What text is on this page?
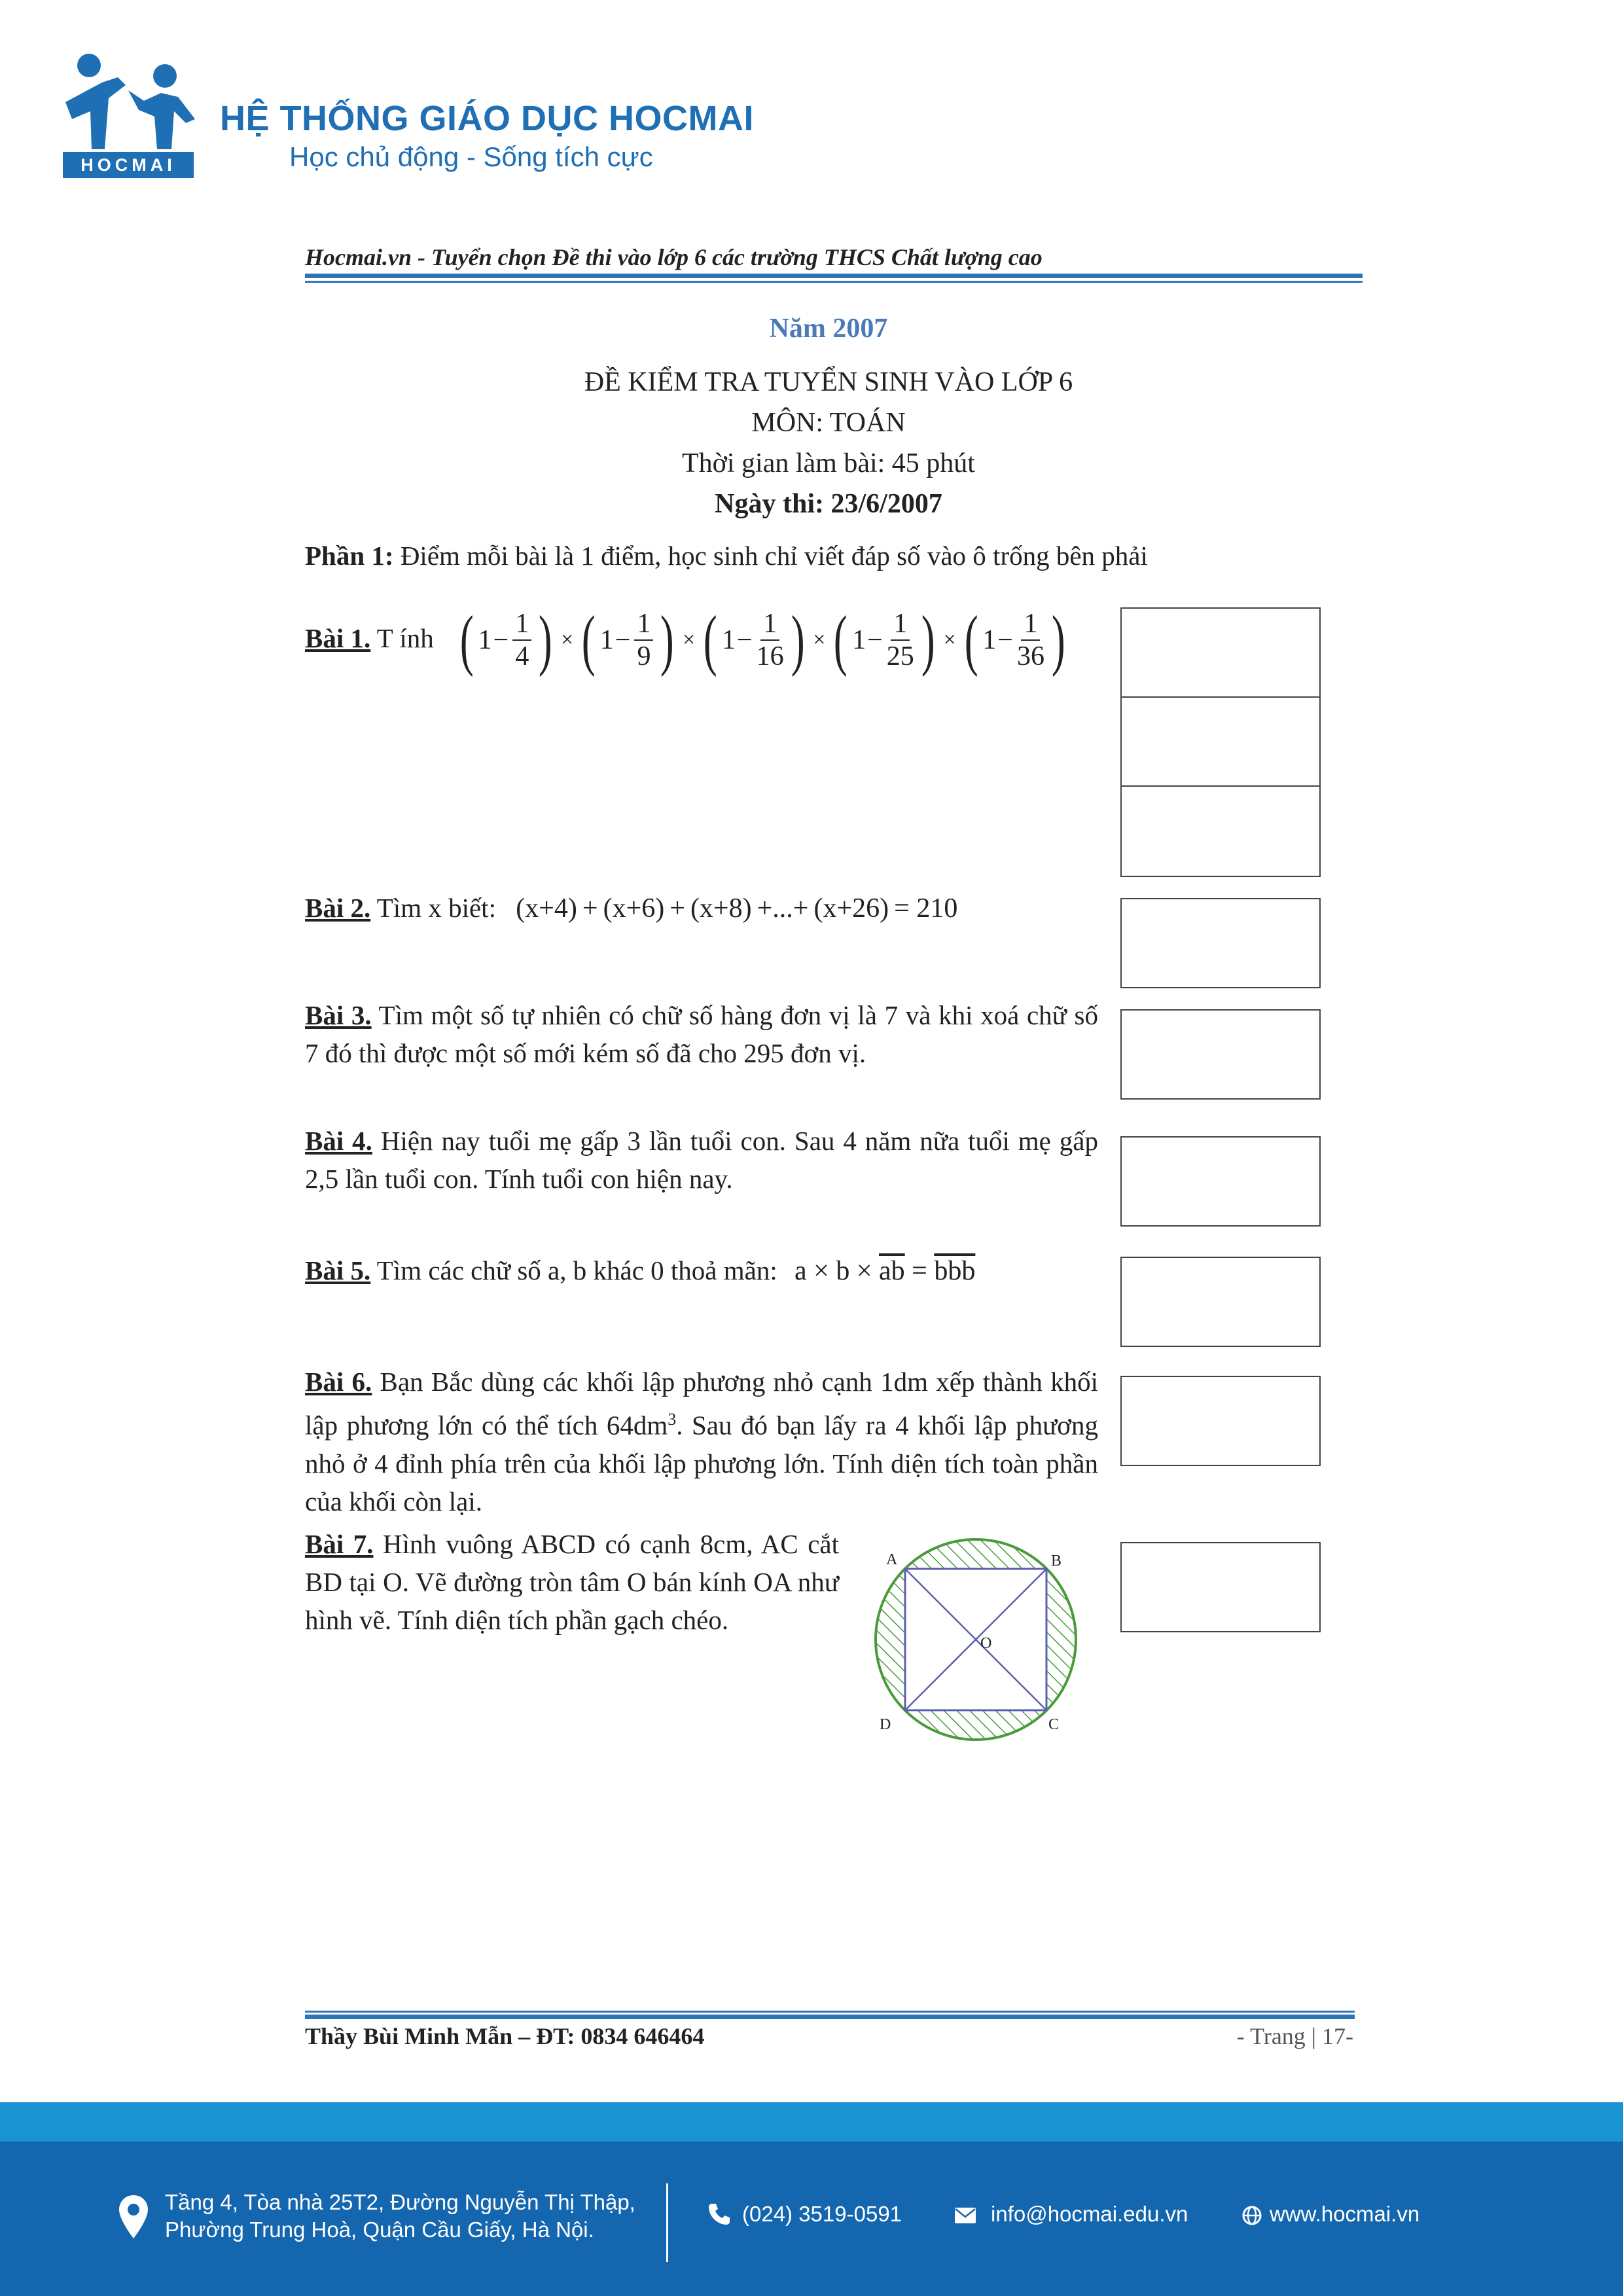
HOCMAI
HỆ THỐNG GIÁO DỤC HOCMAI
Học chủ động - Sống tích cực
Hocmai.vn - Tuyển chọn Đề thi vào lớp 6 các trường THCS Chất lượng cao
Năm 2007
ĐỀ KIỂM TRA TUYỂN SINH VÀO LỚP 6
MÔN: TOÁN
Thời gian làm bài: 45 phút
Ngày thi: 23/6/2007
Phần 1: Điểm mỗi bài là 1 điểm, học sinh chỉ viết đáp số vào ô trống bên phải
Bài 1. T ính ( $1 - \frac{1}{4}$ ) × ( $1 - \frac{1}{9}$ ) × ( $1 - \frac{1}{16}$ ) × ( $1 - \frac{1}{25}$ ) × ( $1 - \frac{1}{36}$ )
Bài 2. Tìm x biết: (x+4) + (x+6) + (x+8) +...+ (x+26) = 210
Bài 3. Tìm một số tự nhiên có chữ số hàng đơn vị là 7 và khi xoá chữ số 7 đó thì được một số mới kém số đã cho 295 đơn vị.
Bài 4. Hiện nay tuổi mẹ gấp 3 lần tuổi con. Sau 4 năm nữa tuổi mẹ gấp 2,5 lần tuổi con. Tính tuổi con hiện nay.
Bài 5. Tìm các chữ số a, b khác 0 thoả mãn: $a \times b \times \overline{ab} = \overline{bbb}$
Bài 6. Bạn Bắc dùng các khối lập phương nhỏ cạnh 1dm xếp thành khối lập phương lớn có thể tích $64dm^3$. Sau đó bạn lấy ra 4 khối lập phương nhỏ ở 4 đỉnh phía trên của khối lập phương lớn. Tính diện tích toàn phần của khối còn lại.
Bài 7. Hình vuông ABCD có cạnh 8cm, AC cắt BD tại O. Vẽ đường tròn tâm O bán kính OA như hình vẽ. Tính diện tích phần gạch chéo.
A	B
C
D
O
Thầy Bùi Minh Mẫn – ĐT: 0834 646464	- Trang | 17-
Tầng 4, Tòa nhà 25T2, Đường Nguyễn Thị Thập,
Phường Trung Hoà, Quận Cầu Giấy, Hà Nội.
(024) 3519-0591	info@hocmai.edu.vn	www.hocmai.vn
